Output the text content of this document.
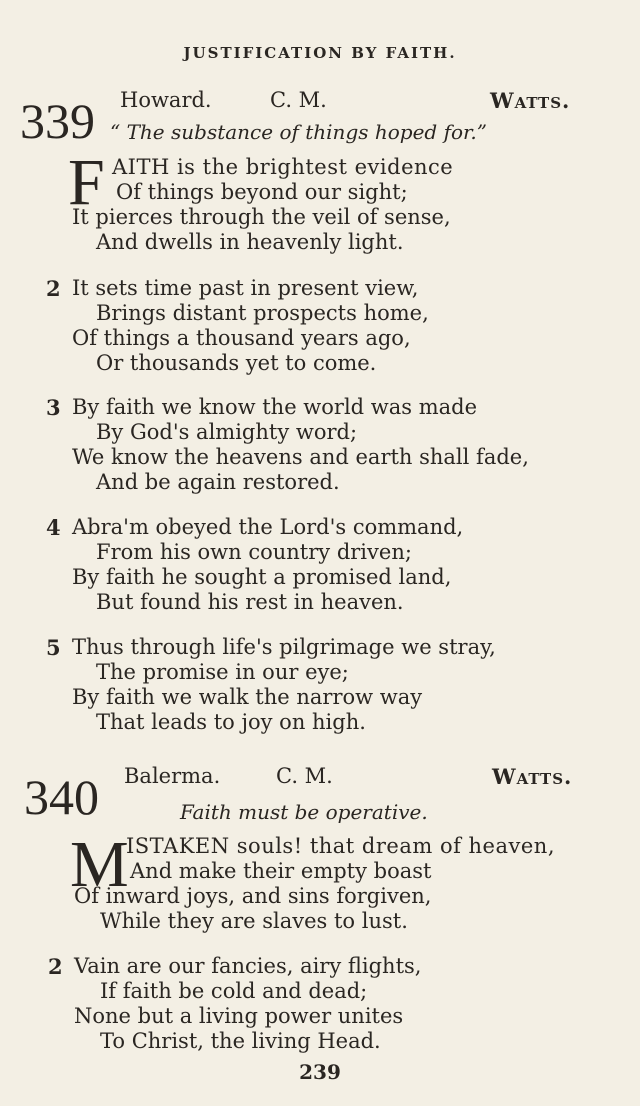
JUSTIFICATION BY FAITH.
339 Howard.	C. M.	Watts.
“ The substance of things hoped for.”
F AITH is the brightest evidence
Of things beyond our sight;
It pierces through the veil of sense,
And dwells in heavenly light.
2 It sets time past in present view,
Brings distant prospects home,
Of things a thousand years ago,
Or thousands yet to come.
3 By faith we know the world was made
By God's almighty word;
We know the heavens and earth shall fade,
And be again restored.
4 Abra'm obeyed the Lord's command,
From his own country driven;
By faith he sought a promised land,
But found his rest in heaven.
5 Thus through life's pilgrimage we stray,
The promise in our eye;
By faith we walk the narrow way
That leads to joy on high.
340 Balerma.	C. M.	Watts.
Faith must be operative.
M
ISTAKEN souls! that dream of heaven,
And make their empty boast
Of inward joys, and sins forgiven,
While they are slaves to lust.
2 Vain are our fancies, airy flights,
If faith be cold and dead;
None but a living power unites
To Christ, the living Head.
239
